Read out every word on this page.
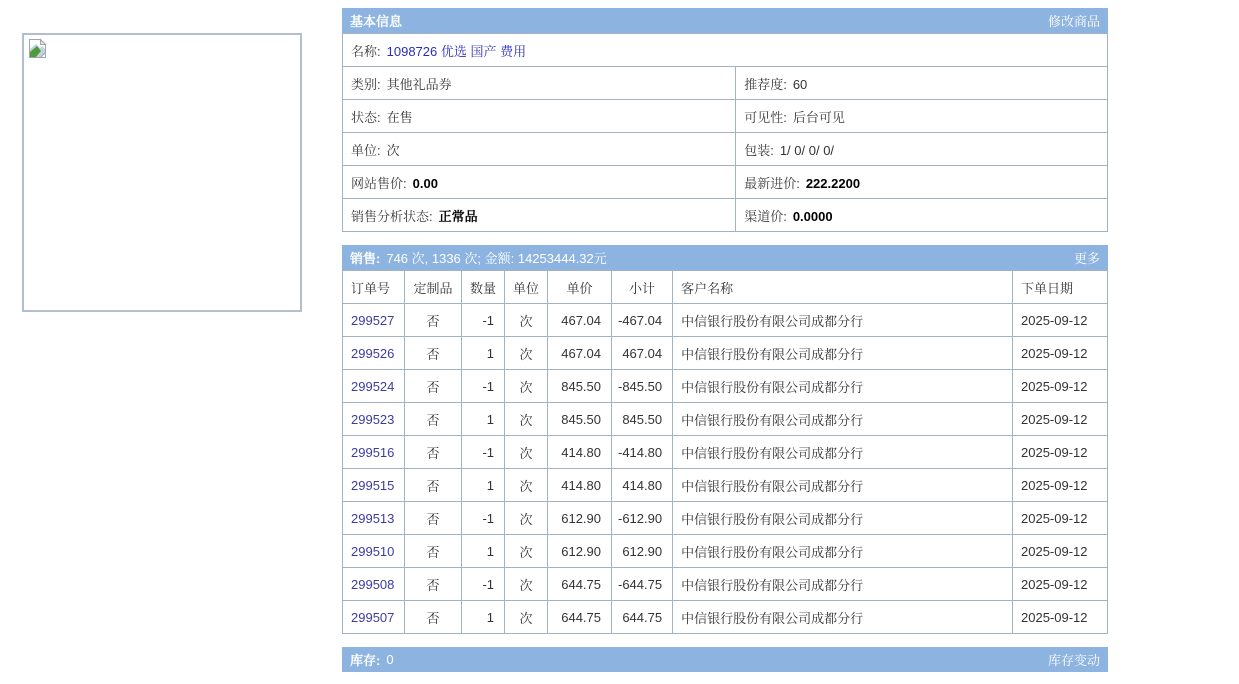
基本信息	修改商品
名称: 1098726 优选 国产 费用	
类别: 其他礼品券	推荐度: 60
状态: 在售	可见性: 后台可见
单位: 次	包装: 1/ 0/ 0/ 0/
网站售价: 0.00	最新进价: 222.2200
销售分析状态: 正常品	渠道价: 0.0000
销售: 746 次, 1336 次; 金额: 14253444.32元	更多
订单号	定制品	数量	单位	单价	小计	客户名称	下单日期
299527	否	-1	次	467.04	-467.04	中信银行股份有限公司成都分行	2025-09-12
299526	否	1	次	467.04	467.04	中信银行股份有限公司成都分行	2025-09-12
299524	否	-1	次	845.50	-845.50	中信银行股份有限公司成都分行	2025-09-12
299523	否	1	次	845.50	845.50	中信银行股份有限公司成都分行	2025-09-12
299516	否	-1	次	414.80	-414.80	中信银行股份有限公司成都分行	2025-09-12
299515	否	1	次	414.80	414.80	中信银行股份有限公司成都分行	2025-09-12
299513	否	-1	次	612.90	-612.90	中信银行股份有限公司成都分行	2025-09-12
299510	否	1	次	612.90	612.90	中信银行股份有限公司成都分行	2025-09-12
299508	否	-1	次	644.75	-644.75	中信银行股份有限公司成都分行	2025-09-12
299507	否	1	次	644.75	644.75	中信银行股份有限公司成都分行	2025-09-12
库存: 0	库存变动
